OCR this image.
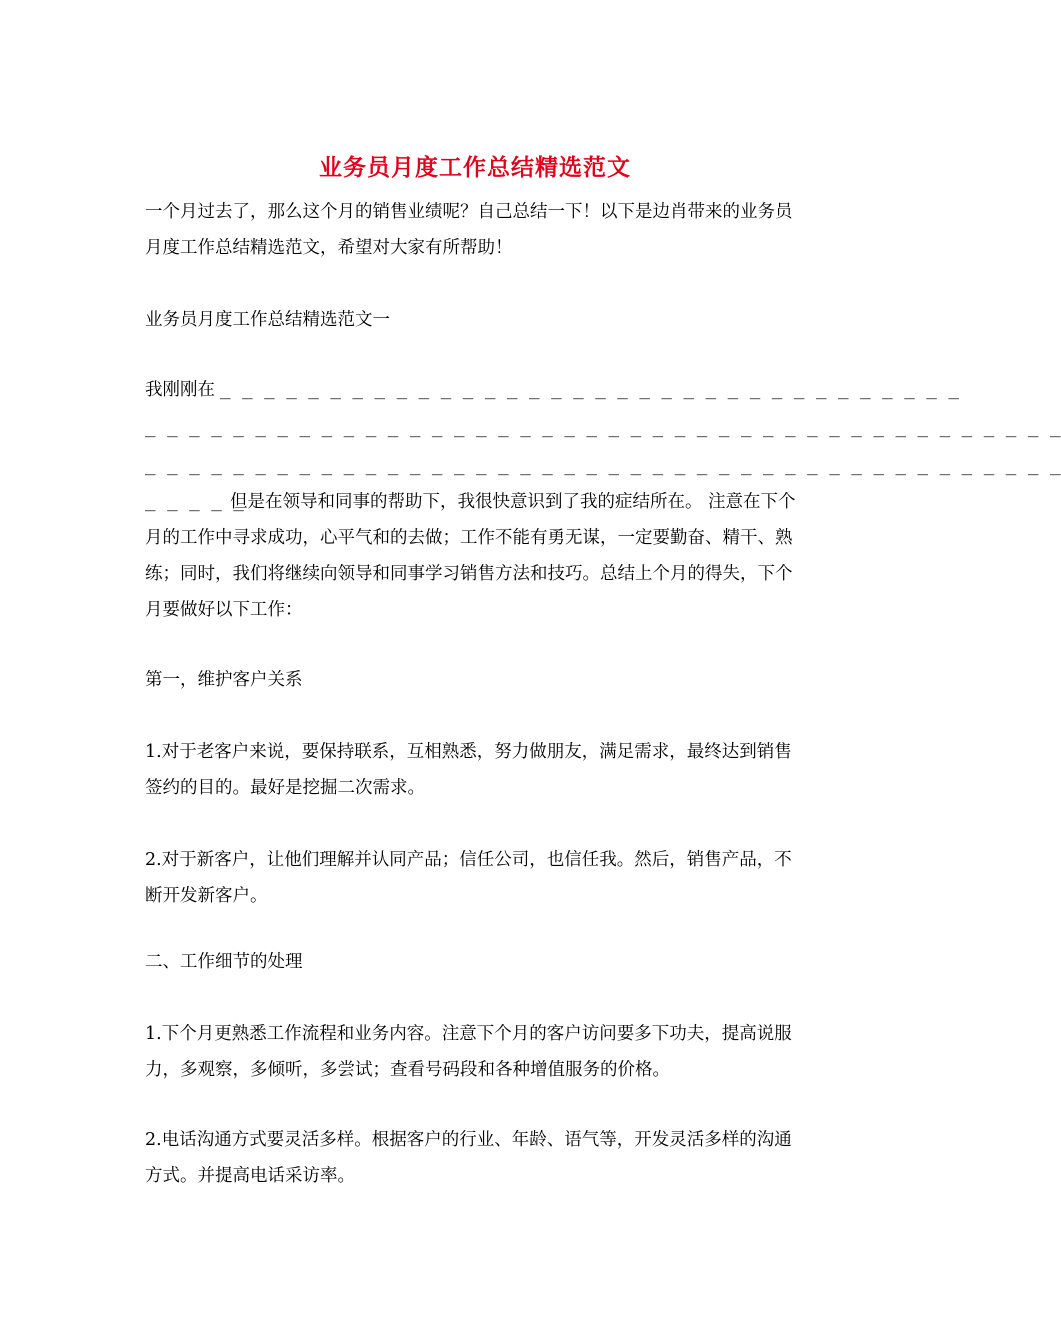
业务员月度工作总结精选范文

一个月过去了，那么这个月的销售业绩呢？自己总结一下！以下是边肖带来的业务员月度工作总结精选范文，希望对大家有所帮助！

业务员月度工作总结精选范文一

我刚刚在 _ _ _ _ _ _ _ _ _ _ _ _ _ _ _ _ _ _ _ _ _ _ _ _ _ _ _ _ _ _ _ _ _ _
_ _ _ _ _ _ _ _ _ _ _ _ _ _ _ _ _ _ _ _ _ _ _ _ _ _ _ _ _ _ _ _ _ _ _ _ _ _ _ _ _ _
_ _ _ _ _ _ _ _ _ _ _ _ _ _ _ _ _ _ _ _ _ _ _ _ _ _ _ _ _ _ _ _ _ _ _ _ _ _ _ _ _ _
_ _ _ _ _

但是在领导和同事的帮助下，我很快意识到了我的症结所在。 注意在下个月的工作中寻求成功，心平气和的去做；工作不能有勇无谋，一定要勤奋、精干、熟练；同时，我们将继续向领导和同事学习销售方法和技巧。总结上个月的得失，下个月要做好以下工作：

第一，维护客户关系

1.对于老客户来说，要保持联系，互相熟悉，努力做朋友，满足需求，最终达到销售签约的目的。最好是挖掘二次需求。

2.对于新客户，让他们理解并认同产品；信任公司，也信任我。然后，销售产品，不断开发新客户。

二、工作细节的处理

1.下个月更熟悉工作流程和业务内容。注意下个月的客户访问要多下功夫，提高说服力，多观察，多倾听，多尝试；查看号码段和各种增值服务的价格。

2.电话沟通方式要灵活多样。根据客户的行业、年龄、语气等，开发灵活多样的沟通方式。并提高电话采访率。
